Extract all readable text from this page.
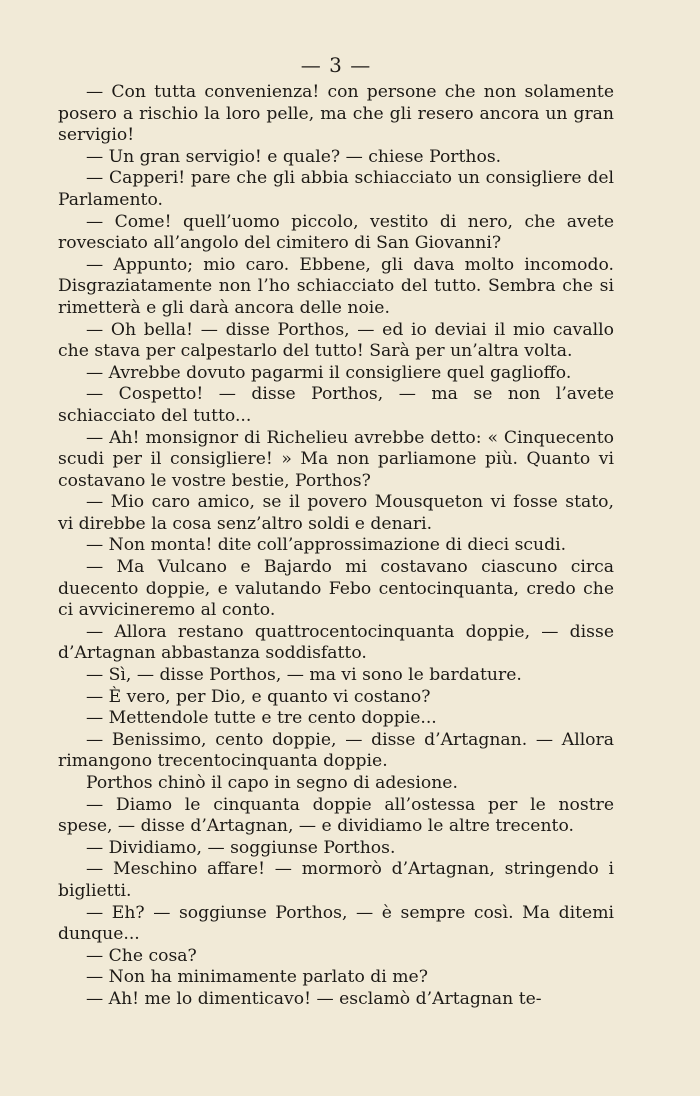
— 3 —

— Con tutta convenienza! con persone che non solamente posero a rischio la loro pelle, ma che gli resero ancora un gran servigio!

— Un gran servigio! e quale? — chiese Porthos.

— Capperi! pare che gli abbia schiacciato un consigliere del Parlamento.

— Come! quell’uomo piccolo, vestito di nero, che avete rovesciato all’angolo del cimitero di San Giovanni?

— Appunto; mio caro. Ebbene, gli dava molto incomodo. Disgraziatamente non l’ho schiacciato del tutto. Sembra che si rimetterà e gli darà ancora delle noie.

— Oh bella! — disse Porthos, — ed io deviai il mio cavallo che stava per calpestarlo del tutto! Sarà per un’altra volta.

— Avrebbe dovuto pagarmi il consigliere quel gaglioffo.

— Cospetto! — disse Porthos, — ma se non l’avete schiacciato del tutto...

— Ah! monsignor di Richelieu avrebbe detto: « Cinquecento scudi per il consigliere! » Ma non parliamone più. Quanto vi costavano le vostre bestie, Porthos?

— Mio caro amico, se il povero Mousqueton vi fosse stato, vi direbbe la cosa senz’altro soldi e denari.

— Non monta! dite coll’approssimazione di dieci scudi.

— Ma Vulcano e Bajardo mi costavano ciascuno circa duecento doppie, e valutando Febo centocinquanta, credo che ci avvicineremo al conto.

— Allora restano quattrocentocinquanta doppie, — disse d’Artagnan abbastanza soddisfatto.

— Sì, — disse Porthos, — ma vi sono le bardature.

— È vero, per Dio, e quanto vi costano?

— Mettendole tutte e tre cento doppie...

— Benissimo, cento doppie, — disse d’Artagnan. — Allora rimangono trecentocinquanta doppie.

Porthos chinò il capo in segno di adesione.

— Diamo le cinquanta doppie all’ostessa per le nostre spese, — disse d’Artagnan, — e dividiamo le altre trecento.

— Dividiamo, — soggiunse Porthos.

— Meschino affare! — mormorò d’Artagnan, stringendo i biglietti.

— Eh? — soggiunse Porthos, — è sempre così. Ma ditemi dunque...

— Che cosa?

— Non ha minimamente parlato di me?

— Ah! me lo dimenticavo! — esclamò d’Artagnan te-
